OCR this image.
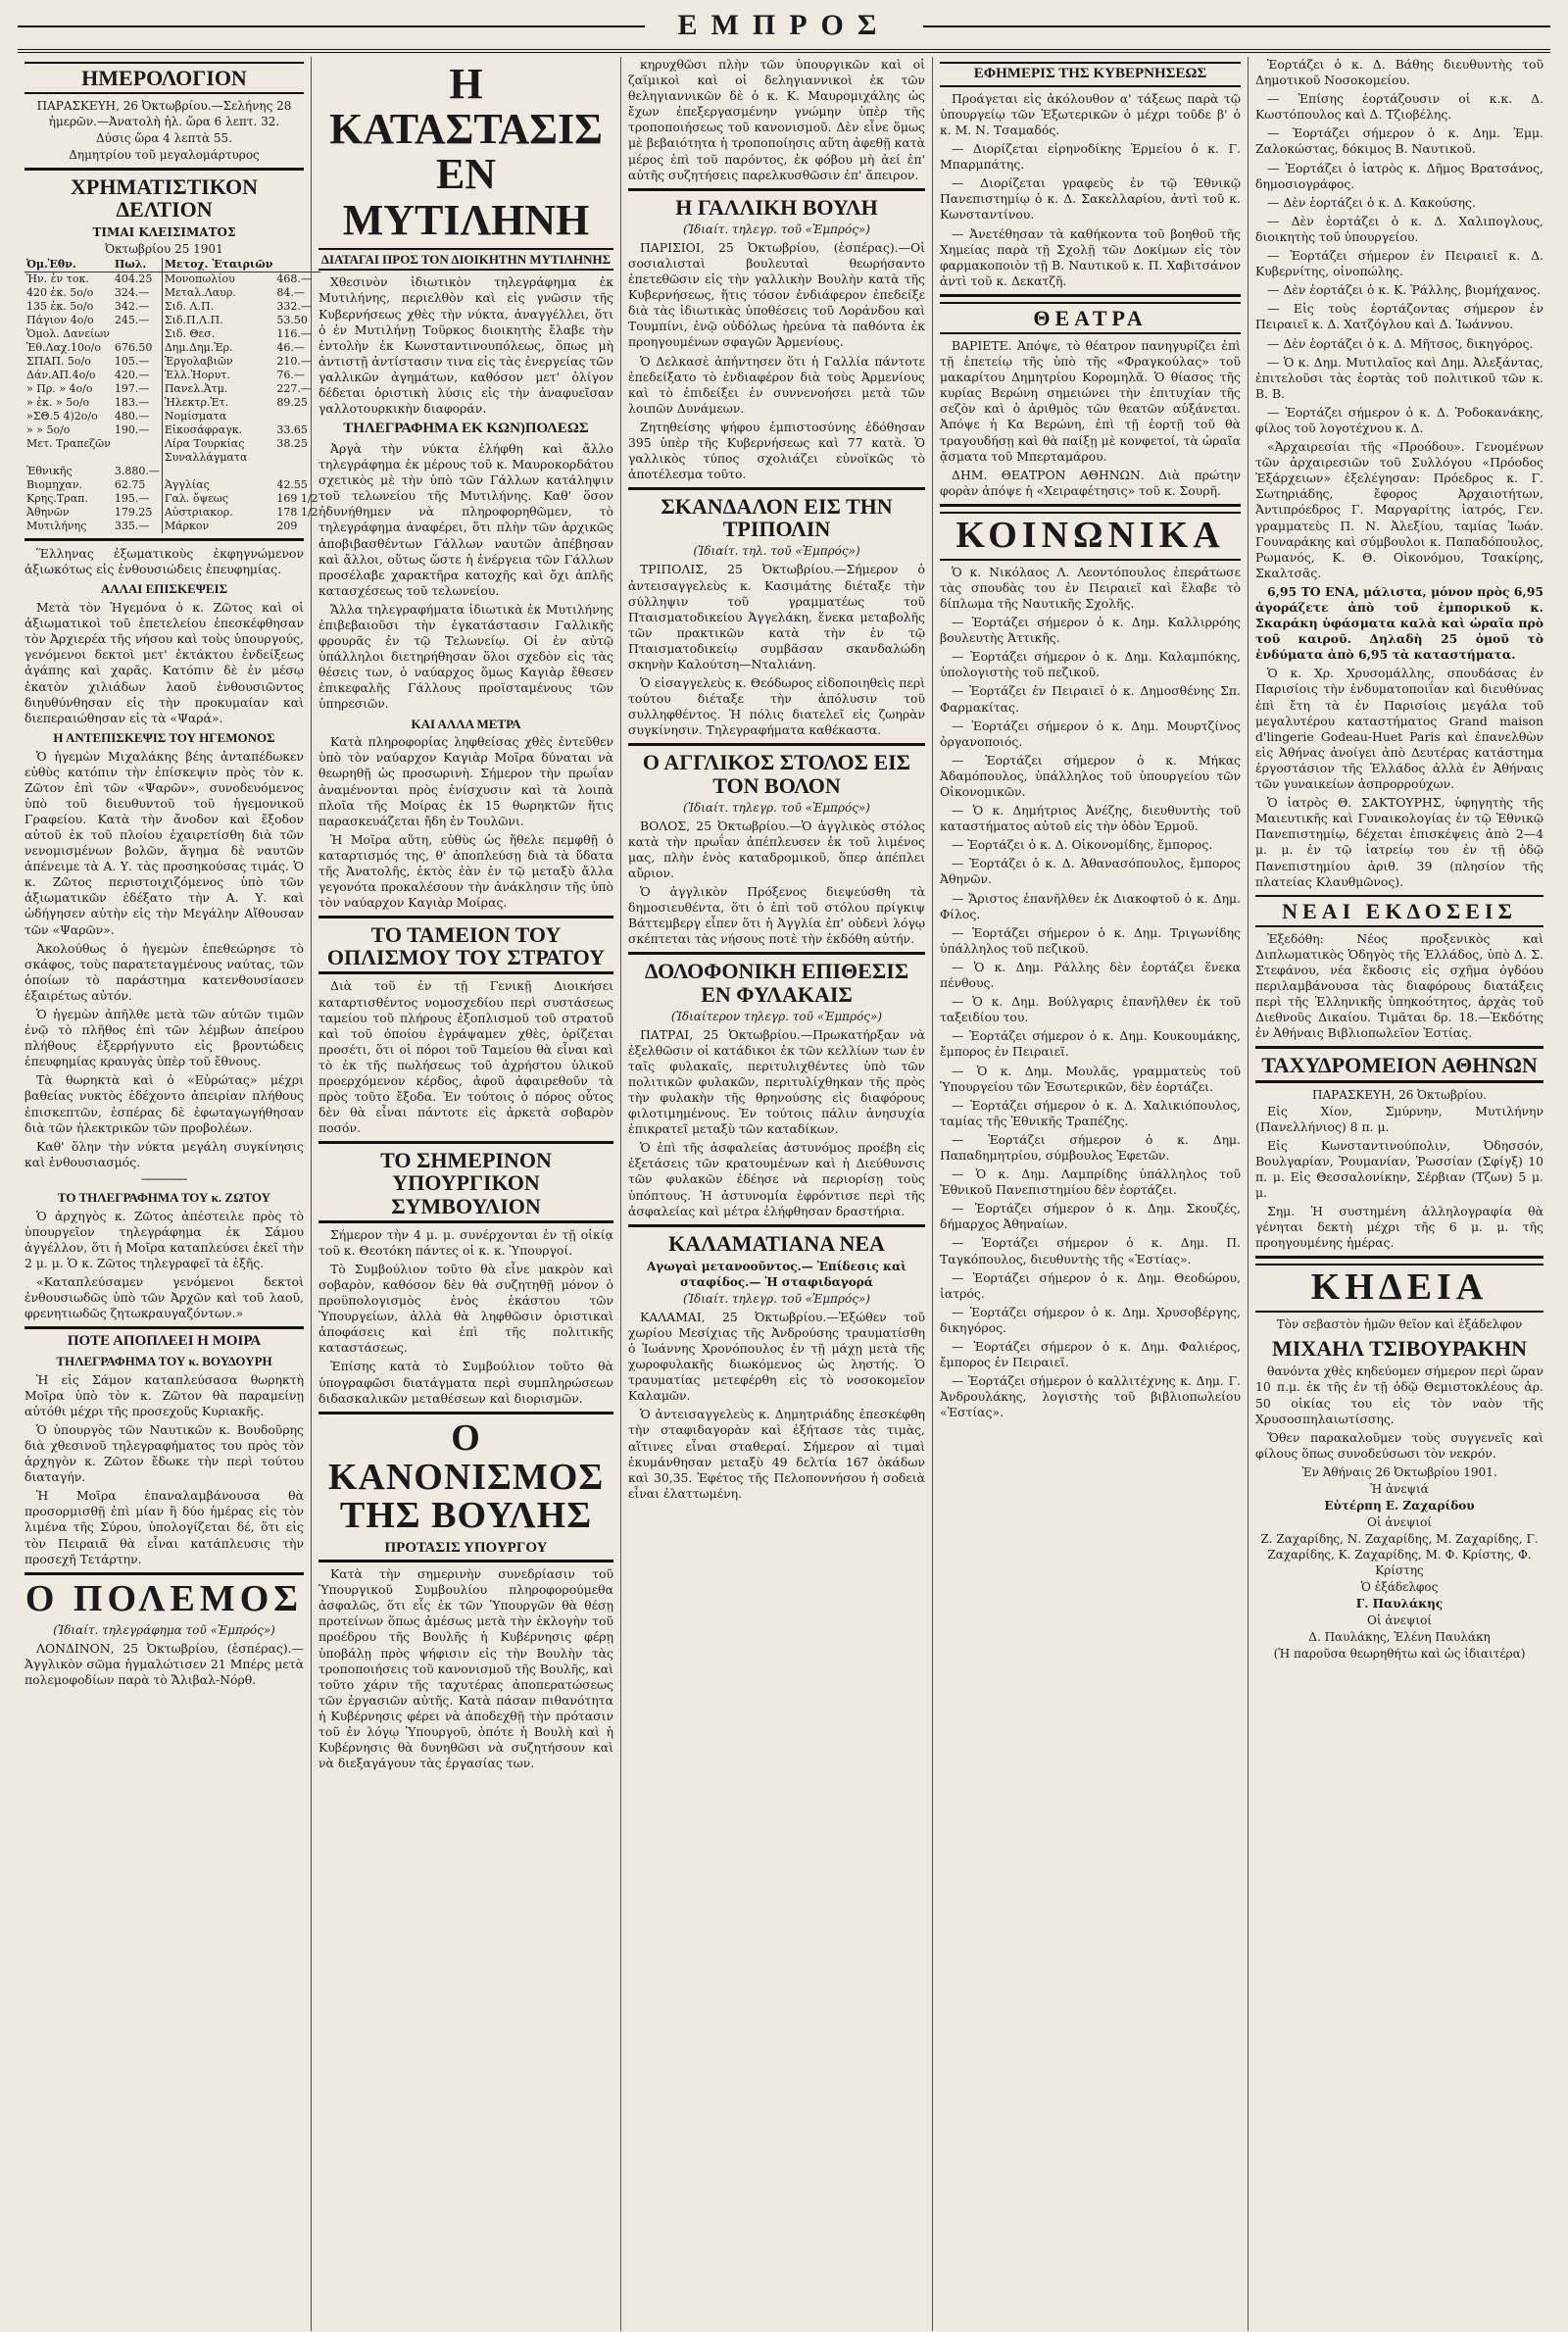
ΕΜΠΡΟΣ
ΗΜΕΡΟΛΟΓΙΟΝ
ΠΑΡΑΣΚΕΥΗ, 26 Ὀκτωβρίου.—Σελήνης 28 ἡμερῶν.—Ἀνατολὴ ἡλ. ὥρα 6 λεπτ. 32.
Δύσις ὥρα 4 λεπτὰ 55.
Δημητρίου τοῦ μεγαλομάρτυρος
ΧΡΗΜΑΤΙΣΤΙΚΟΝ ΔΕΛΤΙΟΝ
ΤΙΜΑΙ ΚΛΕΙΣΙΜΑΤΟΣ
Ὀκτωβρίου 25 1901
Ὀμ.Ἐθν.	Πωλ.	Μετοχ. Ἐταιριῶν	
Ἠν. ἐν τοκ.	404.25	Μονοπωλίου	468.—
420 ἐκ. 5ο/ο	324.—	Μεταλ.Λαυρ.	84.—
135 ἐκ. 5ο/ο	342.—	Σιδ. Λ.Π.	332.—
Πάγιον 4ο/ο	245.—	Σιδ.Π.Λ.Π.	53.50
Ὁμολ. Δανείων		Σιδ. Θεσ.	116.—
Ἐθ.Λαχ.10ο/ο	676.50	Δημ.Δημ.Ἐρ.	46.—
ΣΠΑΠ. 5ο/ο	105.—	Ἐργολαβιῶν	210.—
Δάν.ΑΠ.4ο/ο	420.—	Ἑλλ.Ἠορυτ.	76.—
» Πρ. » 4ο/ο	197.—	Πανελ.Ἀτμ.	227.—
» ἐκ. » 5ο/ο	183.—	Ἠλεκτρ.Ἑτ.	89.25
»ΣΘ.5 4)2ο/ο	480.—	Νομίσματα	
» » 5ο/ο	190.—	Εἰκοσάφραγκ.	33.65
Μετ. Τραπεζῶν		Λίρα Τουρκίας	38.25
		Συναλλάγματα	
Ἐθνικῆς	3.880.—		
Βιομηχαν.	62.75	Ἀγγλίας	42.55
Κρης.Τραπ.	195.—	Γαλ. ὄψεως	169 1/2
Ἀθηνῶν	179.25	Αὐστριακορ.	178 1/2
Μυτιλήνης	335.—	Μάρκον	209

Ἕλληνας ἐξωματικοὺς ἐκφηγνώμενον ἀξιωκότως εἰς ἐνθουσιώδεις ἐπευφημίας.

ΑΛΛΑΙ ΕΠΙΣΚΕΨΕΙΣ

Μετὰ τὸν Ἡγεμόνα ὁ κ. Ζῶτος καὶ οἱ ἀξιωματικοὶ τοῦ ἐπετελείου ἐπεσκέφθησαν τὸν Ἀρχιερέα τῆς νήσου καὶ τοὺς ὑπουργούς, γενόμενοι δεκτοὶ μετ' ἐκτάκτου ἐνδείξεως ἀγάπης καὶ χαρᾶς. Κατόπιν δὲ ἐν μέσῳ ἑκατὸν χιλιάδων λαοῦ ἐνθουσιῶντος διηυθύνθησαν εἰς τὴν προκυμαίαν καὶ διεπεραιώθησαν εἰς τὰ «Ψαρά».

Η ΑΝΤΕΠΙΣΚΕΨΙΣ ΤΟΥ ΗΓΕΜΟΝΟΣ

Ὁ ἡγεμὼν Μιχαλάκης βέης ἀνταπέδωκεν εὐθὺς κατόπιν τὴν ἐπίσκεψιν πρὸς τὸν κ. Ζῶτον ἐπὶ τῶν «Ψαρῶν», συνοδευόμενος ὑπὸ τοῦ διευθυντοῦ τοῦ ἡγεμονικοῦ Γραφείου. Κατὰ τὴν ἄνοδον καὶ ἔξοδον αὐτοῦ ἐκ τοῦ πλοίου ἐχαιρετίσθη διὰ τῶν νενομισμένων βολῶν, ἄγημα δὲ ναυτῶν ἀπένειμε τὰ Α. Υ. τὰς προσηκούσας τιμάς. Ὁ κ. Ζῶτος περιστοιχιζόμενος ὑπὸ τῶν ἀξιωματικῶν ἐδέξατο τὴν Α. Υ. καὶ ὡδήγησεν αὐτὴν εἰς τὴν Μεγάλην Αἴθουσαν τῶν «Ψαρῶν».

Ἀκολούθως ὁ ἡγεμὼν ἐπεθεώρησε τὸ σκάφος, τοὺς παρατεταγμένους ναύτας, τῶν ὁποίων τὸ παράστημα κατενθουσίασεν ἐξαιρέτως αὐτόν.

Ὁ ἡγεμὼν ἀπῆλθε μετὰ τῶν αὐτῶν τιμῶν ἐνῷ τὸ πλῆθος ἐπὶ τῶν λέμβων ἀπείρου πλήθους ἐξερρήγνυτο εἰς βροντώδεις ἐπευφημίας κραυγὰς ὑπὲρ τοῦ ἔθνους.

Τὰ θωρηκτὰ καὶ ὁ «Εὐρώτας» μέχρι βαθείας νυκτὸς ἐδέχοντο ἀπειρίαν πλήθους ἐπισκεπτῶν, ἑσπέρας δὲ ἐφωταγωγήθησαν διὰ τῶν ἠλεκτρικῶν τῶν προβολέων.

Καθ' ὅλην τὴν νύκτα μεγάλη συγκίνησις καὶ ἐνθουσιασμός.

───────
ΤΟ ΤΗΛΕΓΡΑΦΗΜΑ ΤΟΥ κ. ΖΩΤΟΥ

Ὁ ἀρχηγὸς κ. Ζῶτος ἀπέστειλε πρὸς τὸ ὑπουργεῖον τηλεγράφημα ἐκ Σάμου ἀγγέλλον, ὅτι ἡ Μοῖρα καταπλεύσει ἐκεῖ τὴν 2 μ. μ. Ὁ κ. Ζῶτος τηλεγραφεῖ τὰ ἑξῆς.

«Καταπλεύσαμεν γενόμενοι δεκτοὶ ἐνθουσιωδῶς ὑπὸ τῶν Ἀρχῶν καὶ τοῦ λαοῦ, φρενητιωδῶς ζητωκραυγαζόντων.»

ΠΟΤΕ ΑΠΟΠΛΕΕΙ Η ΜΟΙΡΑ
ΤΗΛΕΓΡΑΦΗΜΑ ΤΟΥ κ. ΒΟΥΔΟΥΡΗ

Ἡ εἰς Σάμον καταπλεύσασα θωρηκτὴ Μοῖρα ὑπὸ τὸν κ. Ζῶτον θὰ παραμείνῃ αὐτόθι μέχρι τῆς προσεχοῦς Κυριακῆς.

Ὁ ὑπουργὸς τῶν Ναυτικῶν κ. Βουδοῦρης διὰ χθεσινοῦ τηλεγραφήματος του πρὸς τὸν ἀρχηγὸν κ. Ζῶτον ἔδωκε τὴν περὶ τούτου διαταγήν.

Ἡ Μοῖρα ἐπαναλαμβάνουσα θὰ προσορμισθῇ ἐπὶ μίαν ἢ δύο ἡμέρας εἰς τὸν λιμένα τῆς Σύρου, ὑπολογίζεται δέ, ὅτι εἰς τὸν Πειραιᾶ θὰ εἶναι κατάπλευσις τὴν προσεχῆ Τετάρτην.

Ο ΠΟΛΕΜΟΣ
(Ἰδιαίτ. τηλεγράφημα τοῦ «Ἐμπρός»)

ΛΟΝΔΙΝΟΝ, 25 Ὀκτωβρίου, (ἑσπέρας).—Ἀγγλικὸν σῶμα ἡγμαλώτισεν 21 Μπέρς μετὰ πολεμοφοδίων παρὰ τὸ Ἄλιβαλ-Νόρθ.

Η ΚΑΤΑΣΤΑΣΙΣ ΕΝ ΜΥΤΙΛΗΝΗ
ΔΙΑΤΑΓΑΙ ΠΡΟΣ ΤΟΝ ΔΙΟΙΚΗΤΗΝ ΜΥΤΙΛΗΝΗΣ

Χθεσινὸν ἰδιωτικὸν τηλεγράφημα ἐκ Μυτιλήνης, περιελθὸν καὶ εἰς γνῶσιν τῆς Κυβερνήσεως χθὲς τὴν νύκτα, ἀναγγέλλει, ὅτι ὁ ἐν Μυτιλήνῃ Τοῦρκος διοικητὴς ἔλαβε τὴν ἐντολὴν ἐκ Κωνσταντινουπόλεως, ὅπως μὴ ἀντιστῇ ἀντίστασιν τινα εἰς τὰς ἐνεργείας τῶν γαλλικῶν ἀγημάτων, καθόσον μετ' ὀλίγον δέδεται ὁριστικὴ λύσις εἰς τὴν ἀναφυεῖσαν γαλλοτουρκικὴν διαφοράν.

ΤΗΛΕΓΡΑΦΗΜΑ ΕΚ ΚΩΝ)ΠΟΛΕΩΣ

Ἀργὰ τὴν νύκτα ἐλήφθη καὶ ἄλλο τηλεγράφημα ἐκ μέρους τοῦ κ. Μαυροκορδάτου σχετικὸς μὲ τὴν ὑπὸ τῶν Γάλλων κατάληψιν τοῦ τελωνείου τῆς Μυτιλήνης. Καθ' ὅσον ἠδυνήθημεν νὰ πληροφορηθῶμεν, τὸ τηλεγράφημα ἀναφέρει, ὅτι πλὴν τῶν ἀρχικῶς ἀποβιβασθέντων Γάλλων ναυτῶν ἀπέβησαν καὶ ἄλλοι, οὕτως ὥστε ἡ ἐνέργεια τῶν Γάλλων προσέλαβε χαρακτῆρα κατοχῆς καὶ ὄχι ἁπλῆς κατασχέσεως τοῦ τελωνείου.

Ἄλλα τηλεγραφήματα ἰδιωτικὰ ἐκ Μυτιλήνης ἐπιβεβαιοῦσι τὴν ἐγκατάστασιν Γαλλικῆς φρουρᾶς ἐν τῷ Τελωνείῳ. Οἱ ἐν αὐτῷ ὑπάλληλοι διετηρήθησαν ὅλοι σχεδὸν εἰς τὰς θέσεις των, ὁ ναύαρχος ὅμως Καγιὰρ ἔθεσεν ἐπικεφαλῆς Γάλλους προϊσταμένους τῶν ὑπηρεσιῶν.

ΚΑΙ ΑΛΛΑ ΜΕΤΡΑ

Κατὰ πληροφορίας ληφθείσας χθὲς ἐντεῦθεν ὑπὸ τὸν ναύαρχον Καγιὰρ Μοῖρα δύναται νὰ θεωρηθῇ ὡς προσωρινὴ. Σήμερον τὴν πρωΐαν ἀναμένονται πρὸς ἐνίσχυσιν καὶ τὰ λοιπὰ πλοῖα τῆς Μοίρας ἐκ 15 θωρηκτῶν ἥτις παρασκευάζεται ἤδη ἐν Τουλῶνι.

Ἡ Μοῖρα αὕτη, εὐθὺς ὡς ἤθελε πεμφθῇ ὁ καταρτισμός της, θ' ἀποπλεύσῃ διὰ τὰ ὕδατα τῆς Ἀνατολῆς, ἐκτὸς ἐὰν ἐν τῷ μεταξὺ ἄλλα γεγονότα προκαλέσουν τὴν ἀνάκλησιν τῆς ὑπὸ τὸν ναύαρχον Καγιὰρ Μοίρας.

ΤΟ ΤΑΜΕΙΟΝ ΤΟΥ ΟΠΛΙΣΜΟΥ ΤΟΥ ΣΤΡΑΤΟΥ

Διὰ τοῦ ἐν τῇ Γενικῇ Διοικήσει καταρτισθέντος νομοσχεδίου περὶ συστάσεως ταμείου τοῦ πλήρους ἐξοπλισμοῦ τοῦ στρατοῦ καὶ τοῦ ὁποίου ἐγράψαμεν χθὲς, ὁρίζεται προσέτι, ὅτι οἱ πόροι τοῦ Ταμείου θὰ εἶναι καὶ τὸ ἐκ τῆς πωλήσεως τοῦ ἀχρήστου ὑλικοῦ προερχόμενον κέρδος, ἀφοῦ ἀφαιρεθοῦν τὰ πρὸς τοῦτο ἔξοδα. Ἐν τούτοις ὁ πόρος οὗτος δὲν θὰ εἶναι πάντοτε εἰς ἀρκετὰ σοβαρὸν ποσόν.

ΤΟ ΣΗΜΕΡΙΝΟΝ ΥΠΟΥΡΓΙΚΟΝ ΣΥΜΒΟΥΛΙΟΝ

Σήμερον τὴν 4 μ. μ. συνέρχονται ἐν τῇ οἰκίᾳ τοῦ κ. Θεοτόκη πάντες οἱ κ. κ. Ὑπουργοί.

Τὸ Συμβούλιον τοῦτο θὰ εἶνε μακρὸν καὶ σοβαρὸν, καθόσον δὲν θὰ συζητηθῇ μόνον ὁ προϋπολογισμὸς ἑνὸς ἑκάστου τῶν Ὑπουργείων, ἀλλὰ θὰ ληφθῶσιν ὁριστικαὶ ἀποφάσεις καὶ ἐπὶ τῆς πολιτικῆς καταστάσεως.

Ἐπίσης κατὰ τὸ Συμβούλιον τοῦτο θὰ ὑπογραφῶσι διατάγματα περὶ συμπληρώσεων διδασκαλικῶν μεταθέσεων καὶ διορισμῶν.

Ο ΚΑΝΟΝΙΣΜΟΣ ΤΗΣ ΒΟΥΛΗΣ
ΠΡΟΤΑΣΙΣ ΥΠΟΥΡΓΟΥ

Κατὰ τὴν σημερινὴν συνεδρίασιν τοῦ Ὑπουργικοῦ Συμβουλίου πληροφορούμεθα ἀσφαλῶς, ὅτι εἷς ἐκ τῶν Ὑπουργῶν θὰ θέσῃ προτείνων ὅπως ἀμέσως μετὰ τὴν ἐκλογὴν τοῦ προέδρου τῆς Βουλῆς ἡ Κυβέρνησις φέρῃ ὑποβάλῃ πρὸς ψήφισιν εἰς τὴν Βουλὴν τὰς τροποποιήσεις τοῦ κανονισμοῦ τῆς Βουλῆς, καὶ τοῦτο χάριν τῆς ταχυτέρας ἀποπερατώσεως τῶν ἐργασιῶν αὐτῆς. Κατὰ πάσαν πιθανότητα ἡ Κυβέρνησις φέρει νὰ ἀποδεχθῇ τὴν πρότασιν τοῦ ἐν λόγῳ Ὑπουργοῦ, ὁπότε ἡ Βουλὴ καὶ ἡ Κυβέρνησις θὰ δυνηθῶσι νὰ συζητήσουν καὶ νὰ διεξαγάγουν τὰς ἐργασίας των.

κηρυχθῶσι πλὴν τῶν ὑπουργικῶν καὶ οἱ ζαϊμικοὶ καὶ οἱ δεληγιαννικοὶ ἐκ τῶν θεληγιαννικῶν δὲ ὁ κ. Κ. Μαυρομιχάλης ὡς ἔχων ἐπεξεργασμένην γνώμην ὑπὲρ τῆς τροποποιήσεως τοῦ κανονισμοῦ. Δὲν εἶνε ὅμως μὲ βεβαιότητα ἡ τροποποίησις αὕτη ἀφεθῇ κατὰ μέρος ἐπὶ τοῦ παρόντος, ἐκ φόβου μὴ ἀεί ἐπ' αὐτῆς συζητήσεις παρελκυσθῶσιν ἐπ' ἄπειρον.

Η ΓΑΛΛΙΚΗ ΒΟΥΛΗ
(Ἰδιαίτ. τηλεγρ. τοῦ «Ἐμπρός»)

ΠΑΡΙΣΙΟΙ, 25 Ὀκτωβρίου, (ἑσπέρας).—Οἱ σοσιαλισταὶ βουλευταὶ θεωρήσαντο ἐπετεθῶσιν εἰς τὴν γαλλικὴν Βουλὴν κατὰ τῆς Κυβερνήσεως, ἥτις τόσον ἐνδιάφερον ἐπεδείξε διὰ τὰς ἰδιωτικὰς ὑποθέσεις τοῦ Λοράνδου καὶ Τουμπίνι, ἐνῷ οὐδόλως ἠρεύνα τὰ παθόντα ἐκ προηγουμένων σφαγῶν Ἀρμενίους.

Ὁ Δελκασὲ ἀπήντησεν ὅτι ἡ Γαλλία πάντοτε ἐπεδείξατο τὸ ἐνδιαφέρον διὰ τοὺς Ἀρμενίους καὶ τὸ ἐπιδείξει ἐν συννενοήσει μετὰ τῶν λοιπῶν Δυνάμεων.

Ζητηθείσης ψήφου ἐμπιστοσύνης ἐδόθησαν 395 ὑπὲρ τῆς Κυβερνήσεως καὶ 77 κατὰ. Ὁ γαλλικὸς τύπος σχολιάζει εὐνοϊκῶς τὸ ἀποτέλεσμα τοῦτο.

ΣΚΑΝΔΑΛΟΝ ΕΙΣ ΤΗΝ ΤΡΙΠΟΛΙΝ
(Ἰδιαίτ. τηλ. τοῦ «Ἐμπρός»)

ΤΡΙΠΟΛΙΣ, 25 Ὀκτωβρίου.—Σήμερον ὁ ἀντεισαγγελεὺς κ. Κασιμάτης διέταξε τὴν σύλληψιν τοῦ γραμματέως τοῦ Πταισματοδικείου Ἀγγελάκη, ἕνεκα μεταβολῆς τῶν πρακτικῶν κατὰ τὴν ἐν τῷ Πταισματοδικείῳ συμβᾶσαν σκανδαλώδη σκηνὴν Καλούτση—Νταλιάνη.

Ὁ εἰσαγγελεὺς κ. Θεόδωρος εἰδοποιηθεὶς περὶ τούτου διέταξε τὴν ἀπόλυσιν τοῦ συλληφθέντος. Ἡ πόλις διατελεῖ εἰς ζωηρὰν συγκίνησιν. Τηλεγραφήματα καθέκαστα.

Ο ΑΓΓΛΙΚΟΣ ΣΤΟΛΟΣ ΕΙΣ ΤΟΝ ΒΟΛΟΝ
(Ἰδιαίτ. τηλεγρ. τοῦ «Ἐμπρός»)

ΒΟΛΟΣ, 25 Ὀκτωβρίου.—Ὁ ἀγγλικὸς στόλος κατὰ τὴν πρωΐαν ἀπέπλευσεν ἐκ τοῦ λιμένος μας, πλὴν ἑνὸς καταδρομικοῦ, ὅπερ ἀπέπλει αὔριον.

Ὁ ἀγγλικὸν Πρόξενος διεψεύσθη τὰ δημοσιευθέντα, ὅτι ὁ ἐπὶ τοῦ στόλου πρίγκιψ Βάττεμβεργ εἶπεν ὅτι ἡ Ἀγγλία ἐπ' οὐδενὶ λόγῳ σκέπτεται τὰς νήσους ποτὲ τὴν ἐκδόθη αὐτήν.

ΔΟΛΟΦΟΝΙΚΗ ΕΠΙΘΕΣΙΣ ΕΝ ΦΥΛΑΚΑΙΣ
(Ἰδιαίτερον τηλεγρ. τοῦ «Ἐμπρός»)

ΠΑΤΡΑΙ, 25 Ὀκτωβρίου.—Πρωκατήρξαν νὰ ἐξελθῶσιν οἱ κατάδικοι ἐκ τῶν κελλίων των ἐν ταῖς φυλακαῖς, περιτυλιχθέντες ὑπὸ τῶν πολιτικῶν φυλακῶν, περιτυλίχθηκαν τῆς πρὸς τὴν φυλακὴν τῆς θρηνούσης εἰς διαφόρους φιλοτιμημένους. Ἐν τούτοις πάλιν ἀνησυχία ἐπικρατεῖ μεταξὺ τῶν καταδίκων.

Ὁ ἐπὶ τῆς ἀσφαλείας ἀστυνόμος προέβη εἰς ἐξετάσεις τῶν κρατουμένων καὶ ἡ Διεύθυνσις τῶν φυλακῶν ἐδέησε νὰ περιορίσῃ τοὺς ὑπόπτους. Ἡ ἀστυνομία ἐφρόντισε περὶ τῆς ἀσφαλείας καὶ μέτρα ἐλήφθησαν δραστήρια.

ΚΑΛΑΜΑΤΙΑΝΑ ΝΕΑ
Αγωγαὶ μετανοοῦντος.— Ἐπίδεσις καὶ σταφίδος.— Ἡ σταφιδαγορά
(Ἰδιαίτ. τηλεγρ. τοῦ «Ἐμπρός»)

ΚΑΛΑΜΑΙ, 25 Ὀκτωβρίου.—Ἐξώθεν τοῦ χωρίου Μεσίχιας τῆς Ἀνδρούσης τραυματίσθη ὁ Ἰωάννης Χρονόπουλος ἐν τῇ μάχῃ μετὰ τῆς χωροφυλακῆς διωκόμενος ὡς ληστής. Ὁ τραυματίας μετεφέρθη εἰς τὸ νοσοκομεῖον Καλαμῶν.

Ὁ ἀντεισαγγελεὺς κ. Δημητριάδης ἐπεσκέφθη τὴν σταφιδαγορὰν καὶ ἐξήτασε τὰς τιμὰς, αἵτινες εἶναι σταθεραί. Σήμερον αἱ τιμαὶ ἐκυμάνθησαν μεταξὺ 49 δελτία 167 ὀκάδων καὶ 30,35. Ἐφέτος τῆς Πελοποννήσου ἡ σοδειὰ εἶναι ἐλαττωμένη.

ΕΦΗΜΕΡΙΣ ΤΗΣ ΚΥΒΕΡΝΗΣΕΩΣ

Προάγεται εἰς ἀκόλουθον α' τάξεως παρὰ τῷ ὑπουργείῳ τῶν Ἐξωτερικῶν ὁ μέχρι τοῦδε β' ὁ κ. Μ. Ν. Τσαμαδός.

— Διορίζεται εἰρηνοδίκης Ἑρμείου ὁ κ. Γ. Μπαρμπάτης.

— Διορίζεται γραφεὺς ἐν τῷ Ἐθνικῷ Πανεπιστημίῳ ὁ κ. Δ. Σακελλαρίου, ἀντὶ τοῦ κ. Κωνσταντίνου.

— Ἀνετέθησαν τὰ καθήκοντα τοῦ βοηθοῦ τῆς Χημείας παρὰ τῇ Σχολῇ τῶν Δοκίμων εἰς τὸν φαρμακοποιὸν τῇ Β. Ναυτικοῦ κ. Π. Χαβιτσάνον ἀντὶ τοῦ κ. Δεκατζῆ.

ΘΕΑΤΡΑ

ΒΑΡΙΕΤΕ. Ἀπόψε, τὸ θέατρον πανηγυρίζει ἐπὶ τῇ ἐπετείῳ τῆς ὑπὸ τῆς «Φραγκούλας» τοῦ μακαρίτου Δημητρίου Κορομηλᾶ. Ὁ θίασος τῆς κυρίας Βερώνη σημειώνει τὴν ἐπιτυχίαν τῆς σεζὸν καὶ ὁ ἀριθμὸς τῶν θεατῶν αὐξάνεται. Ἀπόψε ἡ Κα Βερώνη, ἐπὶ τῇ ἑορτῇ τοῦ θὰ τραγουδήσῃ καὶ θὰ παίξῃ μὲ κονφετοί, τὰ ὡραῖα ᾄσματα τοῦ Μπερταμάρου.

ΔΗΜ. ΘΕΑΤΡΟΝ ΑΘΗΝΩΝ. Διὰ πρώτην φορὰν ἀπόψε ἡ «Χειραφέτησις» τοῦ κ. Σουρῆ.

ΚΟΙΝΩΝΙΚΑ

Ὁ κ. Νικόλαος Λ. Λεοντόπουλος ἐπεράτωσε τὰς σπουδὰς του ἐν Πειραιεῖ καὶ ἔλαβε τὸ δίπλωμα τῆς Ναυτικῆς Σχολῆς.

— Ἑορτάζει σήμερον ὁ κ. Δημ. Καλλιρρόης βουλευτὴς Ἀττικῆς.

— Ἑορτάζει σήμερον ὁ κ. Δημ. Καλαμπόκης, ὑπολογιστὴς τοῦ πεζικοῦ.

— Ἑορτάζει ἐν Πειραιεῖ ὁ κ. Δημοσθένης Σπ. Φαρμακίτας.

— Ἑορτάζει σήμερον ὁ κ. Δημ. Μουρτζίνος ὀργανοποιός.

— Ἑορτάζει σήμερον ὁ κ. Μήκας Ἀδαμόπουλος, ὑπάλληλος τοῦ ὑπουργείου τῶν Οἰκονομικῶν.

— Ὁ κ. Δημήτριος Ἀνέζης, διευθυντὴς τοῦ καταστήματος αὐτοῦ εἰς τὴν ὁδὸν Ἑρμοῦ.

— Ἑορτάζει ὁ κ. Δ. Οἰκονομίδης, ἔμπορος.

— Ἑορτάζει ὁ κ. Δ. Ἀθανασόπουλος, ἔμπορος Ἀθηνῶν.

— Ἄριστος ἐπανῆλθεν ἐκ Διακοφτοῦ ὁ κ. Δημ. Φίλος.

— Ἑορτάζει σήμερον ὁ κ. Δημ. Τριγωνίδης ὑπάλληλος τοῦ πεζικοῦ.

— Ὁ κ. Δημ. Ράλλης δὲν ἑορτάζει ἕνεκα πένθους.

— Ὁ κ. Δημ. Βούλγαρις ἐπανῆλθεν ἐκ τοῦ ταξειδίου του.

— Ἑορτάζει σήμερον ὁ κ. Δημ. Κουκουμάκης, ἔμπορος ἐν Πειραιεῖ.

— Ὁ κ. Δημ. Μουλᾶς, γραμματεὺς τοῦ Ὑπουργείου τῶν Ἐσωτερικῶν, δὲν ἑορτάζει.

— Ἑορτάζει σήμερον ὁ κ. Δ. Χαλικιόπουλος, ταμίας τῆς Ἐθνικῆς Τραπέζης.

— Ἑορτάζει σήμερον ὁ κ. Δημ. Παπαδημητρίου, σύμβουλος Ἐφετῶν.

— Ὁ κ. Δημ. Λαμπρίδης ὑπάλληλος τοῦ Ἐθνικοῦ Πανεπιστημίου δὲν ἑορτάζει.

— Ἑορτάζει σήμερον ὁ κ. Δημ. Σκουζές, δήμαρχος Ἀθηναίων.

— Ἑορτάζει σήμερον ὁ κ. Δημ. Π. Ταγκόπουλος, διευθυντὴς τῆς «Ἑστίας».

— Ἑορτάζει σήμερον ὁ κ. Δημ. Θεοδώρου, ἰατρός.

— Ἑορτάζει σήμερον ὁ κ. Δημ. Χρυσοβέργης, δικηγόρος.

— Ἑορτάζει σήμερον ὁ κ. Δημ. Φαλιέρος, ἔμπορος ἐν Πειραιεῖ.

— Ἑορτάζει σήμερον ὁ καλλιτέχνης κ. Δημ. Γ. Ἀνδρουλάκης, λογιστὴς τοῦ βιβλιοπωλείου «Ἑστίας».

Ἑορτάζει ὁ κ. Δ. Βάθης διευθυντὴς τοῦ Δημοτικοῦ Νοσοκομείου.

— Ἐπίσης ἑορτάζουσιν οἱ κ.κ. Δ. Κωστόπουλος καὶ Δ. Τζιοβέλης.

— Ἑορτάζει σήμερον ὁ κ. Δημ. Ἐμμ. Ζαλοκώστας, δόκιμος Β. Ναυτικοῦ.

— Ἑορτάζει ὁ ἰατρὸς κ. Δῆμος Βρατσάνος, δημοσιογράφος.

— Δὲν ἑορτάζει ὁ κ. Δ. Κακούσης.

— Δὲν ἑορτάζει ὁ κ. Δ. Χαλιπογλους, διοικητὴς τοῦ ὑπουργείου.

— Ἑορτάζει σήμερον ἐν Πειραιεῖ κ. Δ. Κυβερνίτης, οἰνοπώλης.

— Δὲν ἑορτάζει ὁ κ. Κ. Ῥάλλης, βιομήχανος.

— Εἰς τοὺς ἑορτάζοντας σήμερον ἐν Πειραιεῖ κ. Δ. Χατζόγλου καὶ Δ. Ἰωάννου.

— Δὲν ἑορτάζει ὁ κ. Δ. Μῆτσος, δικηγόρος.

— Ὁ κ. Δημ. Μυτιλαῖος καὶ Δημ. Ἀλεξάντας, ἐπιτελοῦσι τὰς ἑορτὰς τοῦ πολιτικοῦ τῶν κ. Β. Β.

— Ἑορτάζει σήμερον ὁ κ. Δ. Ῥοδοκανάκης, φίλος τοῦ λογοτέχνου κ. Δ.

«Ἀρχαιρεσίαι τῆς «Προόδου». Γενομένων τῶν ἀρχαιρεσιῶν τοῦ Συλλόγου «Πρόοδος Ἐξάρχειων» ἐξελέγησαν: Πρόεδρος κ. Γ. Σωτηριάδης, ἔφορος Ἀρχαιοτήτων, Ἀντιπρόεδρος Γ. Μαργαρίτης ἰατρός, Γεν. γραμματεὺς Π. Ν. Ἀλεξίου, ταμίας Ἰωάν. Γουναράκης καὶ σύμβουλοι κ. Παπαδόπουλος, Ρωμανός, Κ. Θ. Οἰκονόμου, Τσακίρης, Σκαλτσᾶς.

6,95 ΤΟ ΕΝΑ, μάλιστα, μόνον πρὸς 6,95 ἀγοράζετε ἀπὸ τοῦ ἐμπορικοῦ κ. Σκαράκη ὑφάσματα καλὰ καὶ ὡραῖα πρὸ τοῦ καιροῦ. Δηλαδὴ 25 ὁμοῦ τὸ ἐνδύματα ἀπὸ 6,95 τὰ καταστήματα.

Ὁ κ. Χρ. Χρυσομάλλης, σπουδάσας ἐν Παρισίοις τὴν ἐνδυματοποιΐαν καὶ διευθύνας ἐπὶ ἔτη τὰ ἐν Παρισίοις μεγάλα τοῦ μεγαλυτέρου καταστήματος Grand maison d'lingerie Godeau-Huet Paris καὶ ἐπανελθὼν εἰς Ἀθήνας ἀνοίγει ἀπὸ Δευτέρας κατάστημα ἐργοστάσιον τῆς Ἑλλάδος ἀλλὰ ἐν Ἀθήναις τῶν γυναικείων ἀσπρορρούχων.

Ὁ ἰατρὸς Θ. ΣΑΚΤΟΥΡΗΣ, ὑφηγητὴς τῆς Μαιευτικῆς καὶ Γυναικολογίας ἐν τῷ Ἐθνικῷ Πανεπιστημίῳ, δέχεται ἐπισκέψεις ἀπὸ 2—4 μ. μ. ἐν τῷ ἰατρείῳ του ἐν τῇ ὁδῷ Πανεπιστημίου ἀριθ. 39 (πλησίον τῆς πλατείας Κλαυθμῶνος).

ΝΕΑΙ ΕΚΔΟΣΕΙΣ

Ἐξεδόθη: Νέος προξενικὸς καὶ Διπλωματικὸς Ὁδηγὸς τῆς Ἑλλάδος, ὑπὸ Δ. Σ. Στεφάνου, νέα ἔκδοσις εἰς σχῆμα ὀγδόου περιλαμβάνουσα τὰς διαφόρους διατάξεις περὶ τῆς Ἑλληνικῆς ὑπηκοότητος, ἀρχὰς τοῦ Διεθνοῦς Δικαίου. Τιμᾶται δρ. 18.—Ἐκδότης ἐν Ἀθήναις Βιβλιοπωλεῖον Ἑστίας.

ΤΑΧΥΔΡΟΜΕΙΟΝ ΑΘΗΝΩΝ
ΠΑΡΑΣΚΕΥΗ, 26 Ὀκτωβρίου.

Εἰς Χίον, Σμύρνην, Μυτιλήνην (Πανελλήνιος) 8 π. μ.

Εἰς Κωνσταντινούπολιν, Ὀδησσόν, Βουλγαρίαν, Ῥουμανίαν, Ῥωσσίαν (Σφίγξ) 10 π. μ. Εἰς Θεσσαλονίκην, Σέρβιαν (Τζων) 5 μ. μ.

Σημ. Ἡ συστημένη ἀλληλογραφία θὰ γένηται δεκτὴ μέχρι τῆς 6 μ. μ. τῆς προηγουμένης ἡμέρας.

ΚΗΔΕΙΑ
Τὸν σεβαστὸν ἡμῶν θεῖον καὶ ἐξάδελφον
ΜΙΧΑΗΛ ΤΣΙΒΟΥΡΑΚΗΝ

θανόντα χθὲς κηδεύομεν σήμερον περὶ ὥραν 10 π.μ. ἐκ τῆς ἐν τῇ ὁδῷ Θεμιστοκλέους ἀρ. 50 οἰκίας του εἰς τὸν ναὸν τῆς Χρυσοσπηλαιωτίσσης.

Ὅθεν παρακαλοῦμεν τοὺς συγγενεῖς καὶ φίλους ὅπως συνοδεύσωσι τὸν νεκρόν.

Ἐν Ἀθήναις 26 Ὀκτωβρίου 1901.
Ἡ ἀνεψιά
Εὐτέρπη Ε. Ζαχαρίδου
Οἱ ἀνεψιοί
Ζ. Ζαχαρίδης, Ν. Ζαχαρίδης, Μ. Ζαχαρίδης, Γ. Ζαχαρίδης, Κ. Ζαχαρίδης, Μ. Φ. Κρίστης, Φ. Κρίστης
Ὁ ἐξάδελφος
Γ. Παυλάκης
Οἱ ἀνεψιοί
Δ. Παυλάκης, Ἑλένη Παυλάκη
(Ἡ παροῦσα θεωρηθήτω καὶ ὡς ἰδιαιτέρα)
